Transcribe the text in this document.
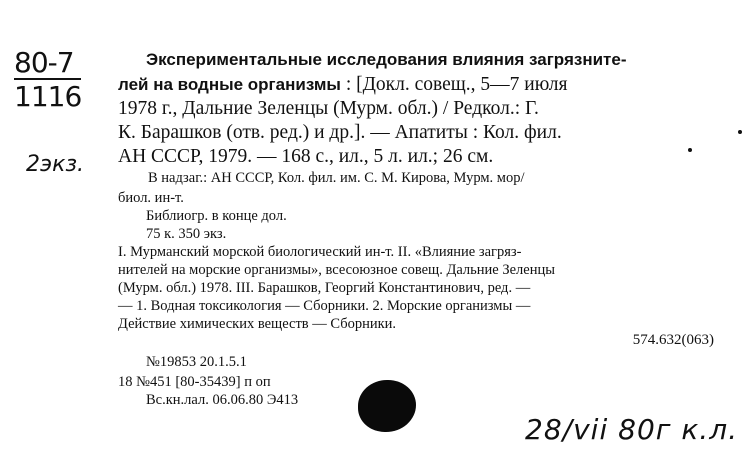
80-7
1116
2экз.
Экспериментальные исследования влияния загрязните-
лей на водные организмы : [Докл. совещ., 5—7 июля
1978 г., Дальние Зеленцы (Мурм. обл.) / Редкол.: Г.
К. Барашков (отв. ред.) и др.]. — Апатиты : Кол. фил.
АН СССР, 1979. — 168 с., ил., 5 л. ил.; 26 см.
В надзаг.: АН СССР, Кол. фил. им. С. М. Кирова, Мурм. мор/
биол. ин-т.
Библиогр. в конце дол.
75 к. 350 экз.
I. Мурманский морской биологический ин-т. II. «Влияние загряз-
нителей на морские организмы», всесоюзное совещ. Дальние Зеленцы
(Мурм. обл.) 1978. III. Барашков, Георгий Константинович, ред. —
— 1. Водная токсикология — Сборники. 2. Морские организмы —
Действие химических веществ — Сборники.
574.632(063)
№19853 20.1.5.1
18 №451 [80-35439] п оп
Вс.кн.лал. 06.06.80 Э413
28/vii 80г к.л.
